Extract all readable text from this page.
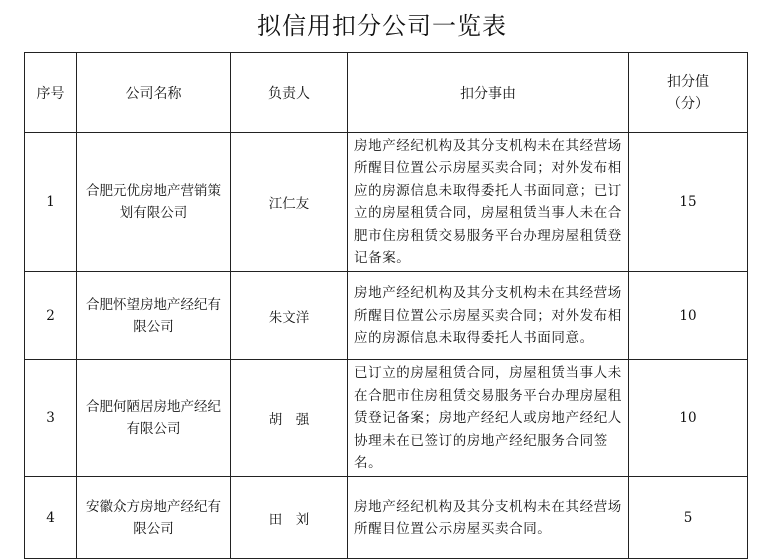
拟信用扣分公司一览表
序号	公司名称	负责人	扣分事由	扣分值（分）
1	合肥元优房地产营销策划有限公司	江仁友	房地产经纪机构及其分支机构未在其经营场所醒目位置公示房屋买卖合同；对外发布相应的房源信息未取得委托人书面同意；已订立的房屋租赁合同，房屋租赁当事人未在合肥市住房租赁交易服务平台办理房屋租赁登记备案。	15
2	合肥怀望房地产经纪有限公司	朱文洋	房地产经纪机构及其分支机构未在其经营场所醒目位置公示房屋买卖合同；对外发布相应的房源信息未取得委托人书面同意。	10
3	合肥何陋居房地产经纪有限公司	胡　强	已订立的房屋租赁合同，房屋租赁当事人未在合肥市住房租赁交易服务平台办理房屋租赁登记备案；房地产经纪人或房地产经纪人协理未在已签订的房地产经纪服务合同签名。	10
4	安徽众方房地产经纪有限公司	田　刘	房地产经纪机构及其分支机构未在其经营场所醒目位置公示房屋买卖合同。	5
